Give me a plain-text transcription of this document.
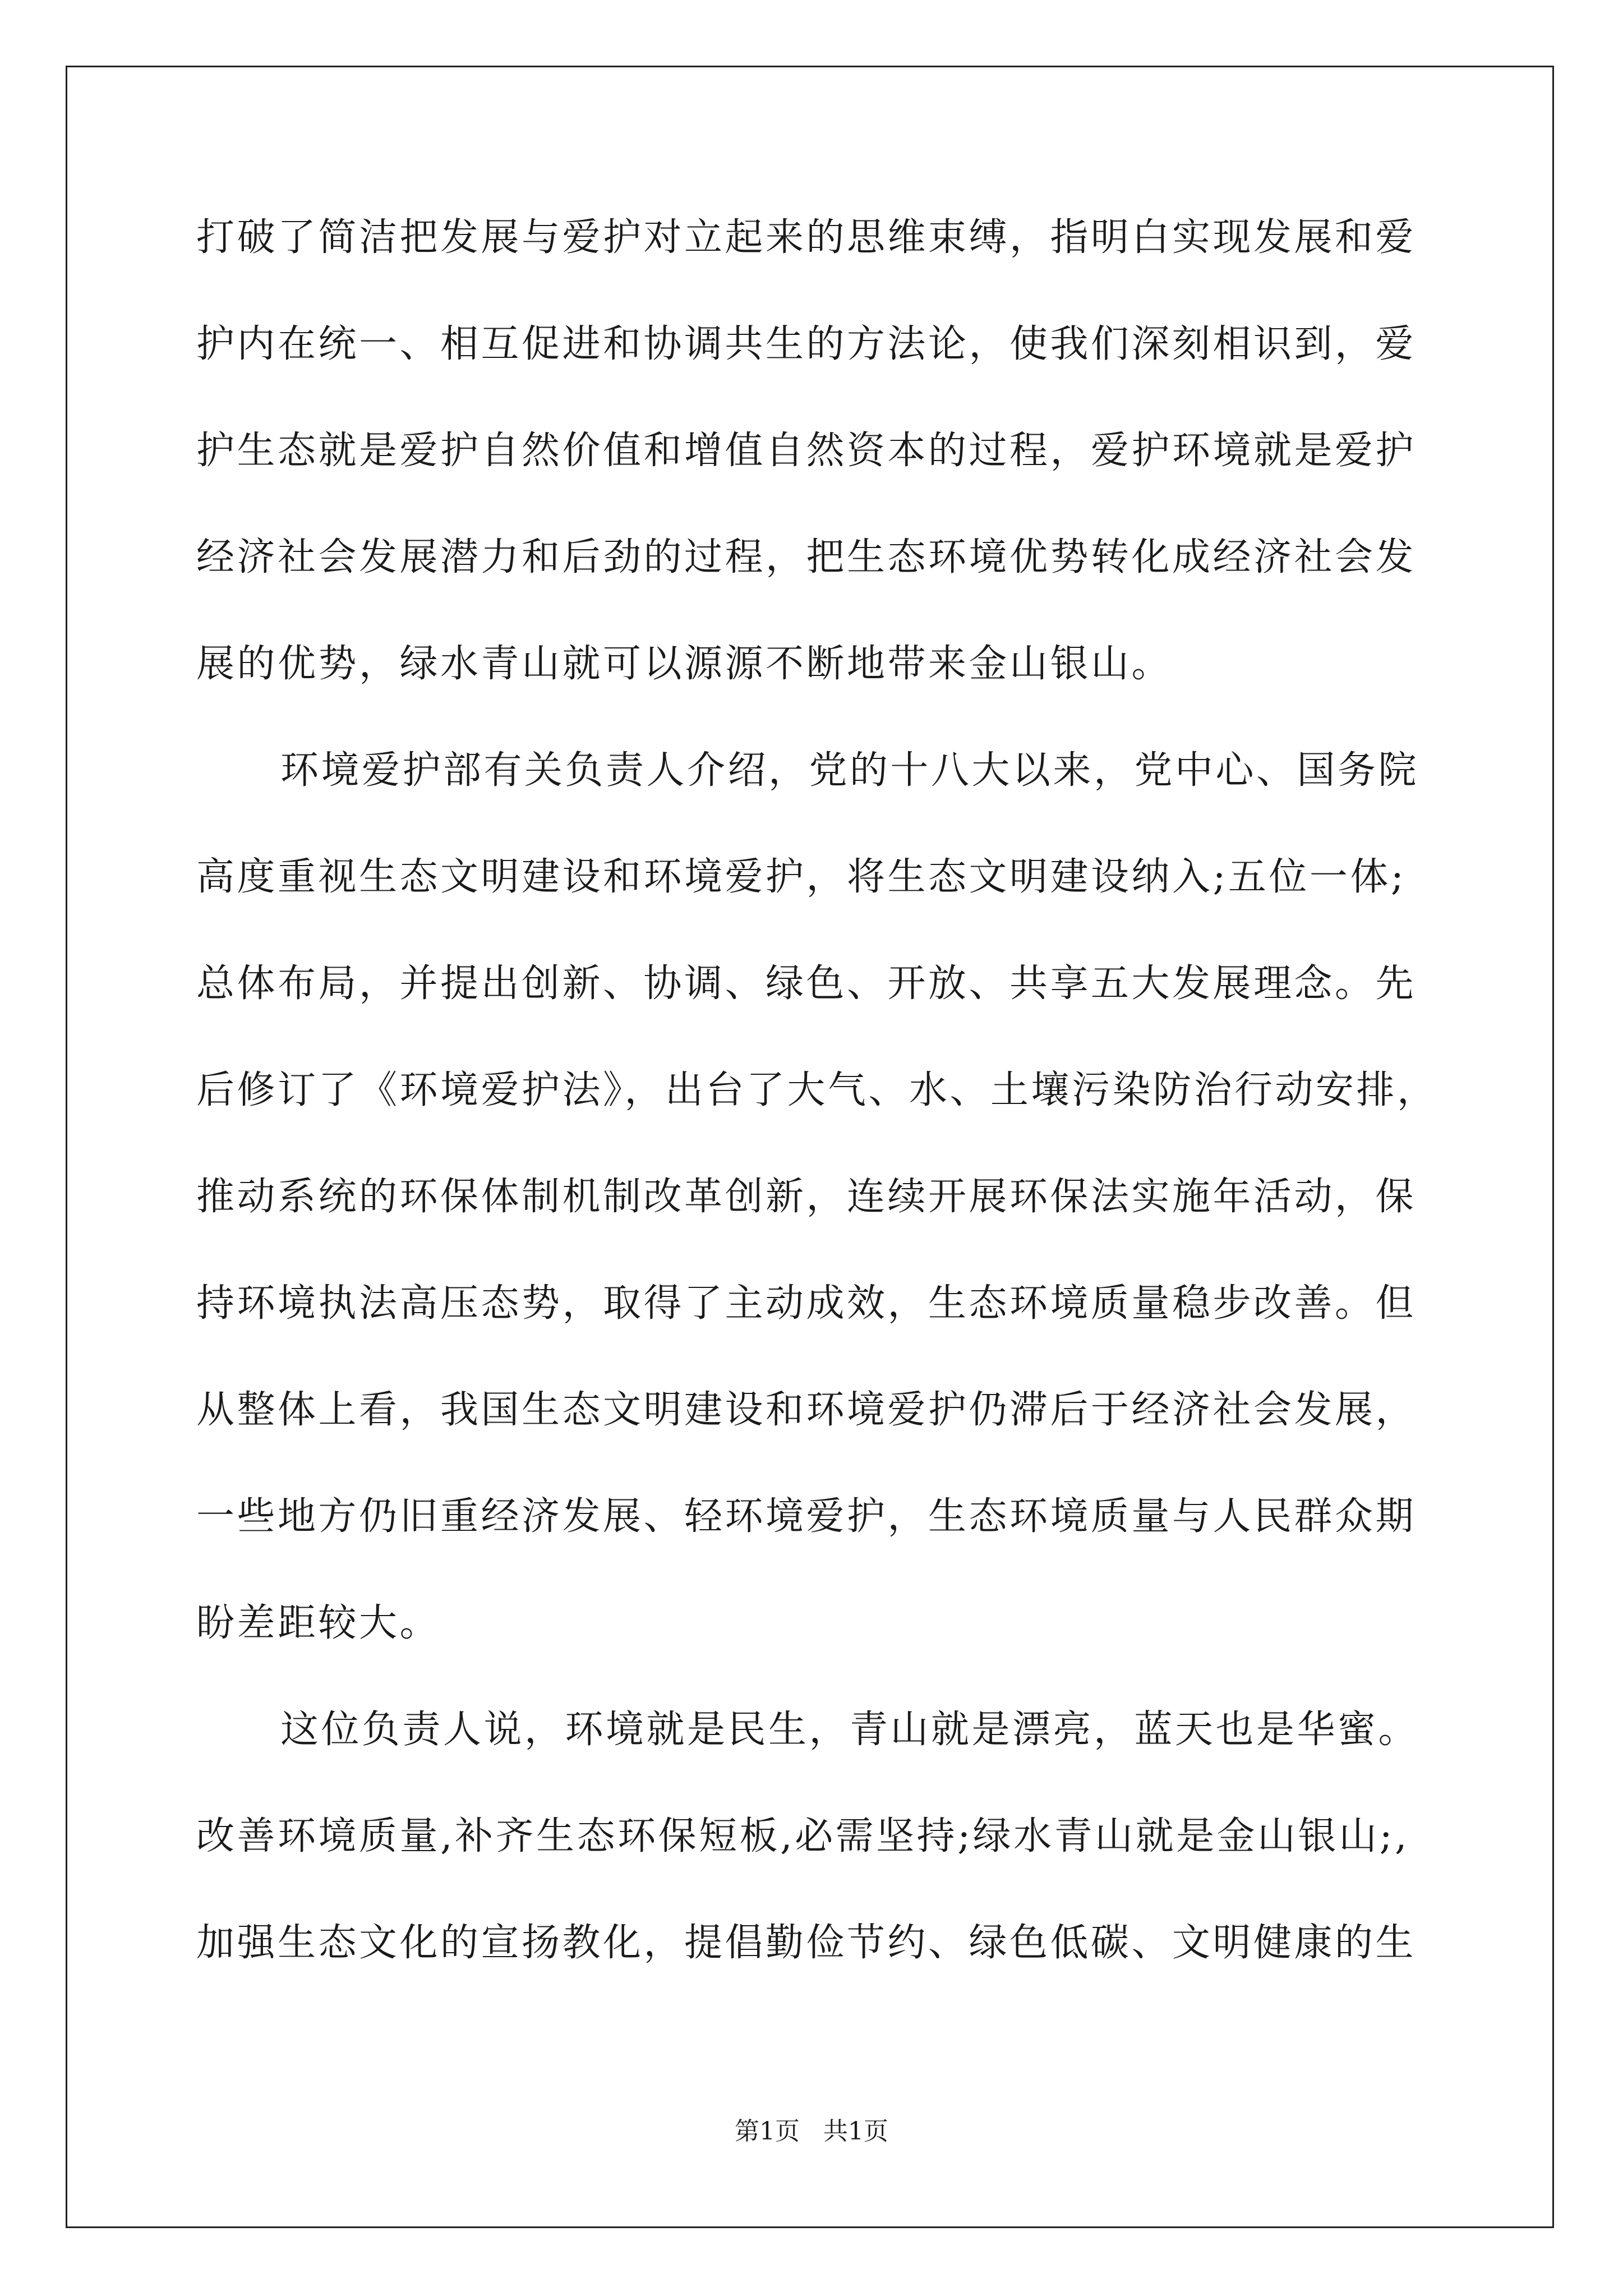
打破了简洁把发展与爱护对立起来的思维束缚，指明白实现发展和爱
护内在统一、相互促进和协调共生的方法论，使我们深刻相识到，爱
护生态就是爱护自然价值和增值自然资本的过程，爱护环境就是爱护
经济社会发展潜力和后劲的过程，把生态环境优势转化成经济社会发
展的优势，绿水青山就可以源源不断地带来金山银山。
环境爱护部有关负责人介绍，党的十八大以来，党中心、国务院
高度重视生态文明建设和环境爱护，将生态文明建设纳入;五位一体;
总体布局，并提出创新、协调、绿色、开放、共享五大发展理念。先
后修订了《环境爱护法》，出台了大气、水、土壤污染防治行动安排，
推动系统的环保体制机制改革创新，连续开展环保法实施年活动，保
持环境执法高压态势，取得了主动成效，生态环境质量稳步改善。但
从整体上看，我国生态文明建设和环境爱护仍滞后于经济社会发展，
一些地方仍旧重经济发展、轻环境爱护，生态环境质量与人民群众期
盼差距较大。
这位负责人说，环境就是民生，青山就是漂亮，蓝天也是华蜜。
改善环境质量,补齐生态环保短板,必需坚持;绿水青山就是金山银山;,
加强生态文化的宣扬教化，提倡勤俭节约、绿色低碳、文明健康的生
第1页 共1页
